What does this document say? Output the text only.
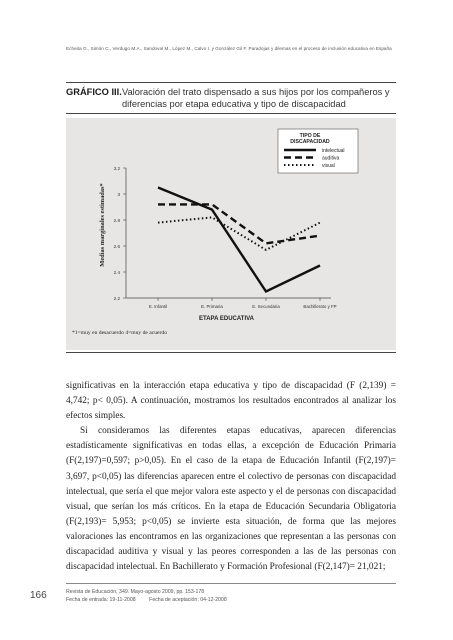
Echeita G., Simón C., Verdugo M.A., Sandoval M., López M., Calvo I. y González Gil F. Paradojas y dilemas en el proceso de inclusión educativa en España
GRÁFICO III. Valoración del trato dispensado a sus hijos por los compañeros y diferencias por etapa educativa y tipo de discapacidad
3.2
3
2.8
2.6
2.4
2.2
E. Infantil	E. Primaria	E. Secundaria	Bachillerato y FP
ETAPA EDUCATIVA
Medias marginales estimadas*
TIPO DE
DISCAPACIDAD
intelectual
auditiva
visual
*1=muy en desacuerdo 4=muy de acuerdo

significativas en la interacción etapa educativa y tipo de discapacidad (F (2,139) = 4,742; p< 0,05). A continuación, mostramos los resultados encontrados al analizar los efectos simples.

Si consideramos las diferentes etapas educativas, aparecen diferencias estadísticamente significativas en todas ellas, a excepción de Educación Primaria (F(2,197)=0,597; p>0,05). En el caso de la etapa de Educación Infantil (F(2,197)= 3,697, p<0,05) las diferencias aparecen entre el colectivo de personas con discapacidad intelectual, que sería el que mejor valora este aspecto y el de personas con discapacidad visual, que serían los más críticos. En la etapa de Educación Secundaria Obligatoria (F(2,193)= 5,953; p<0,05) se invierte esta situación, de forma que las mejores valoraciones las encontramos en las organizaciones que representan a las personas con discapacidad auditiva y visual y las peores corresponden a las de las personas con discapacidad intelectual. En Bachillerato y Formación Profesional (F(2,147)= 21,021;

166	Revista de Educación, 349. Mayo-agosto 2009, pp. 153-178
Fecha de entrada: 19-11-2008	Fecha de aceptación: 04-12-2008
